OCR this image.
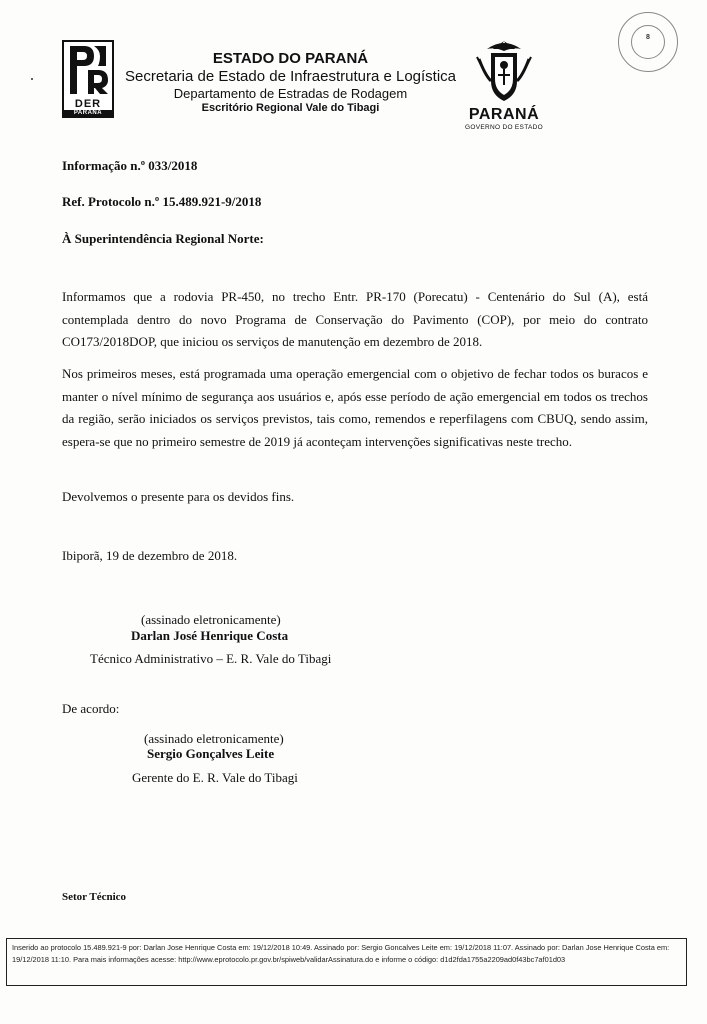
DER
PARANÁ
ESTADO DO PARANÁ
Secretaria de Estado de Infraestrutura e Logística
Departamento de Estradas de Rodagem
Escritório Regional Vale do Tibagi	PARANÁ
GOVERNO DO ESTADO
8
Informação n.º 033/2018
Ref. Protocolo n.º 15.489.921-9/2018
À Superintendência Regional Norte:
Informamos que a rodovia PR-450, no trecho Entr. PR-170 (Porecatu) - Centenário do Sul (A), está contemplada dentro do novo Programa de Conservação do Pavimento (COP), por meio do contrato CO173/2018DOP, que iniciou os serviços de manutenção em dezembro de 2018.
Nos primeiros meses, está programada uma operação emergencial com o objetivo de fechar todos os buracos e manter o nível mínimo de segurança aos usuários e, após esse período de ação emergencial em todos os trechos da região, serão iniciados os serviços previstos, tais como, remendos e reperfilagens com CBUQ, sendo assim, espera-se que no primeiro semestre de 2019 já aconteçam intervenções significativas neste trecho.
Devolvemos o presente para os devidos fins.
Ibiporã, 19 de dezembro de 2018.
(assinado eletronicamente)
Darlan José Henrique Costa
Técnico Administrativo – E. R. Vale do Tibagi
De acordo:
(assinado eletronicamente)
Sergio Gonçalves Leite
Gerente do E. R. Vale do Tibagi
Setor Técnico
Inserido ao protocolo 15.489.921-9 por: Darlan Jose Henrique Costa em: 19/12/2018 10:49. Assinado por: Sergio Goncalves Leite em: 19/12/2018 11:07. Assinado por: Darlan Jose Henrique Costa em: 19/12/2018 11:10. Para mais informações acesse: http://www.eprotocolo.pr.gov.br/spiweb/validarAssinatura.do e informe o código: d1d2fda1755a2209ad0f43bc7af01d03
